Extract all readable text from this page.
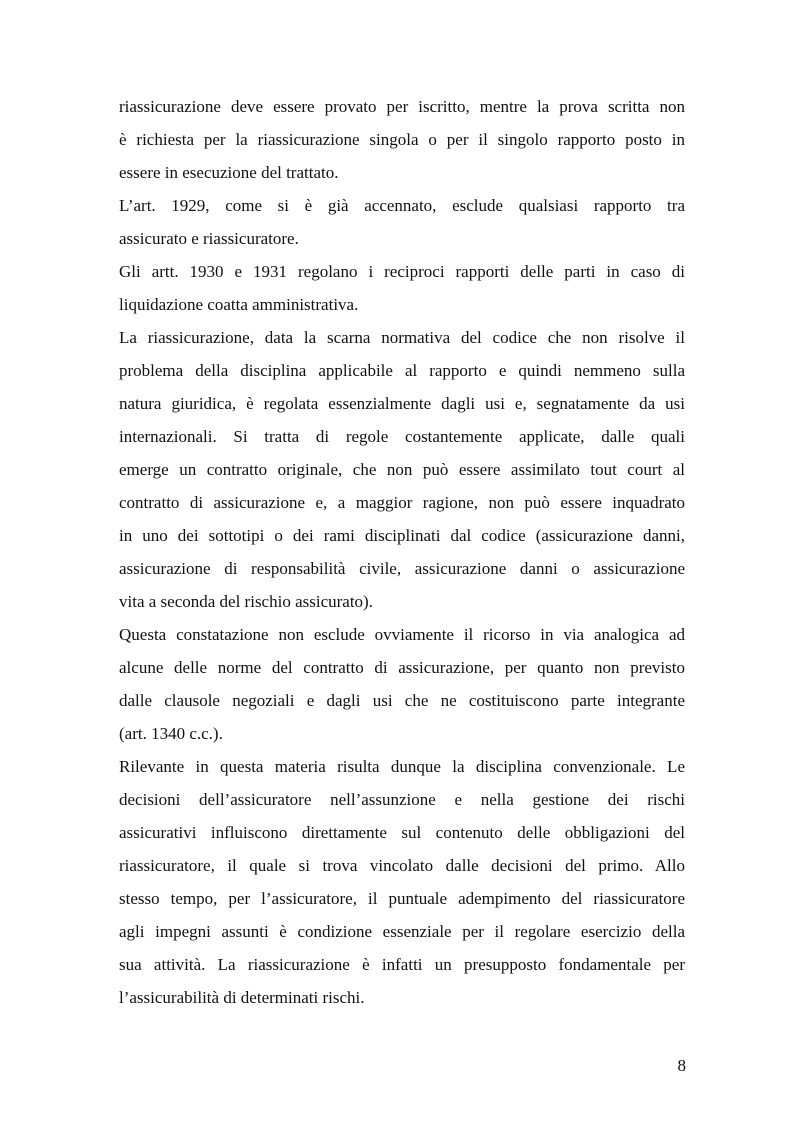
riassicurazione deve essere provato per iscritto, mentre la prova scritta non
è richiesta per la riassicurazione singola o per il singolo rapporto posto in
essere in esecuzione del trattato.

L’art. 1929, come si è già accennato, esclude qualsiasi rapporto tra
assicurato e riassicuratore.

Gli artt. 1930 e 1931 regolano i reciproci rapporti delle parti in caso di
liquidazione coatta amministrativa.

La riassicurazione, data la scarna normativa del codice che non risolve il
problema della disciplina applicabile al rapporto e quindi nemmeno sulla
natura giuridica, è regolata essenzialmente dagli usi e, segnatamente da usi
internazionali. Si tratta di regole costantemente applicate, dalle quali
emerge un contratto originale, che non può essere assimilato tout court al
contratto di assicurazione e, a maggior ragione, non può essere inquadrato
in uno dei sottotipi o dei rami disciplinati dal codice (assicurazione danni,
assicurazione di responsabilità civile, assicurazione danni o assicurazione
vita a seconda del rischio assicurato).

Questa constatazione non esclude ovviamente il ricorso in via analogica ad
alcune delle norme del contratto di assicurazione, per quanto non previsto
dalle clausole negoziali e dagli usi che ne costituiscono parte integrante
(art. 1340 c.c.).

Rilevante in questa materia risulta dunque la disciplina convenzionale. Le
decisioni dell’assicuratore nell’assunzione e nella gestione dei rischi
assicurativi influiscono direttamente sul contenuto delle obbligazioni del
riassicuratore, il quale si trova vincolato dalle decisioni del primo. Allo
stesso tempo, per l’assicuratore, il puntuale adempimento del riassicuratore
agli impegni assunti è condizione essenziale per il regolare esercizio della
sua attività. La riassicurazione è infatti un presupposto fondamentale per
l’assicurabilità di determinati rischi.

8
